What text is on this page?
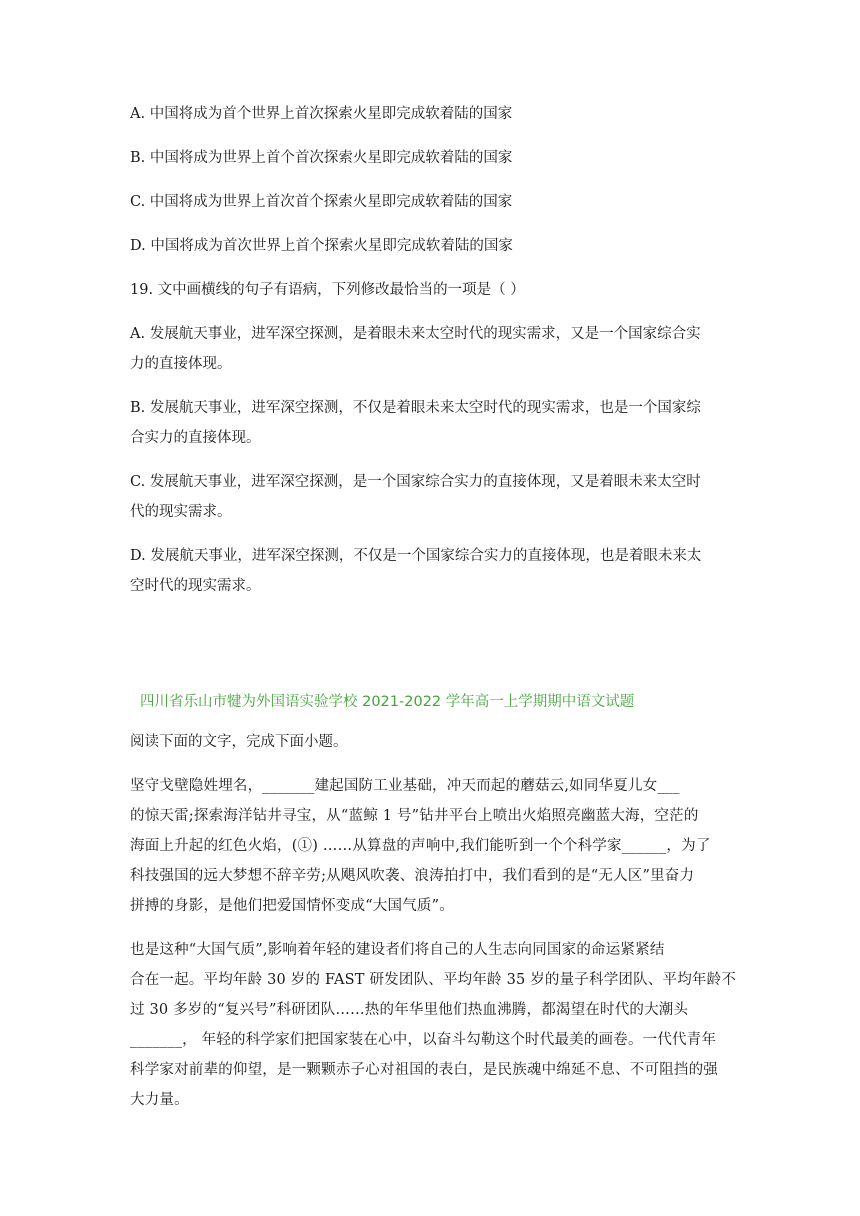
A. 中国将成为首个世界上首次探索火星即完成软着陆的国家
B. 中国将成为世界上首个首次探索火星即完成软着陆的国家
C. 中国将成为世界上首次首个探索火星即完成软着陆的国家
D. 中国将成为首次世界上首个探索火星即完成软着陆的国家
19. 文中画横线的句子有语病，下列修改最恰当的一项是（ ）
A. 发展航天事业，进军深空探测，是着眼未来太空时代的现实需求，又是一个国家综合实
力的直接体现。
B. 发展航天事业，进军深空探测，不仅是着眼未来太空时代的现实需求，也是一个国家综
合实力的直接体现。
C. 发展航天事业，进军深空探测，是一个国家综合实力的直接体现，又是着眼未来太空时
代的现实需求。
D. 发展航天事业，进军深空探测，不仅是一个国家综合实力的直接体现，也是着眼未来太
空时代的现实需求。
四川省乐山市犍为外国语实验学校 2021-2022 学年高一上学期期中语文试题
阅读下面的文字，完成下面小题。
坚守戈壁隐姓埋名，_______建起国防工业基础，冲天而起的蘑菇云,如同华夏儿女___
的惊天雷;探索海洋钻井寻宝，从“蓝鲸 1 号”钻井平台上喷出火焰照亮幽蓝大海，空茫的
海面上升起的红色火焰，(①) ……从算盘的声响中,我们能听到一个个科学家______，为了
科技强国的远大梦想不辞辛劳;从飓风吹袭、浪涛拍打中，我们看到的是“无人区”里奋力
拼搏的身影，是他们把爱国情怀变成“大国气质”。
也是这种“大国气质”,影响着年轻的建设者们将自己的人生志向同国家的命运紧紧结
合在一起。平均年龄 30 岁的 FAST 研发团队、平均年龄 35 岁的量子科学团队、平均年龄不
过 30 多岁的“复兴号”科研团队……热的年华里他们热血沸腾，都渴望在时代的大潮头
_______， 年轻的科学家们把国家装在心中，以奋斗勾勒这个时代最美的画卷。一代代青年
科学家对前辈的仰望，是一颗颗赤子心对祖国的表白，是民族魂中绵延不息、不可阻挡的强
大力量。
